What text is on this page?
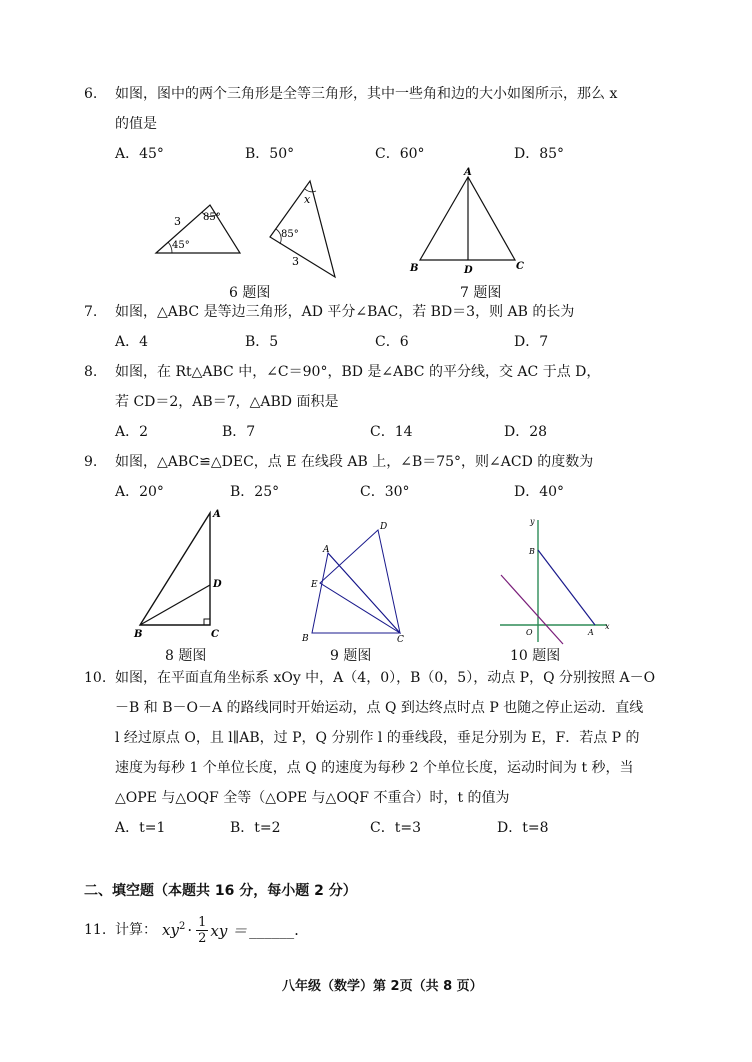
6. 如图，图中的两个三角形是全等三角形，其中一些角和边的大小如图所示，那么 x
的值是
A．45°	B．50°	C．60°	D．85°
3 85°
45°
x
85°
3
6 题图
A
B	D	C
7 题图
7. 如图，△ABC 是等边三角形，AD 平分∠BAC，若 BD＝3，则 AB 的长为
A．4	B．5	C．6	D．7
8. 如图，在 Rt△ABC 中，∠C＝90°，BD 是∠ABC 的平分线，交 AC 于点 D，
若 CD＝2，AB＝7，△ABD 面积是
A．2	B．7	C．14	D．28
9. 如图，△ABC≌△DEC，点 E 在线段 AB 上，∠B＝75°，则∠ACD 的度数为
A．20°	B．25°	C．30°	D．40°
A
D
B	C
8 题图
A
D
E
B	C
9 题图
y
B
O	A
x
10 题图
10. 如图，在平面直角坐标系 xOy 中，A（4，0），B（0，5），动点 P，Q 分别按照 A－O
－B 和 B－O－A 的路线同时开始运动，点 Q 到达终点时点 P 也随之停止运动．直线
l 经过原点 O，且 l∥AB，过 P，Q 分别作 l 的垂线段，垂足分别为 E，F．若点 P 的
速度为每秒 1 个单位长度，点 Q 的速度为每秒 2 个单位长度，运动时间为 t 秒，当
△OPE 与△OQF 全等（△OPE 与△OQF 不重合）时，t 的值为
A．t=1	B．t=2	C．t=3	D．t=8
二、填空题（本题共 16 分，每小题 2 分）
11. 计算： $xy^2 \cdot \frac{1}{2}$ xy ＝ ______.
八年级（数学）第 2页（共 8 页）
